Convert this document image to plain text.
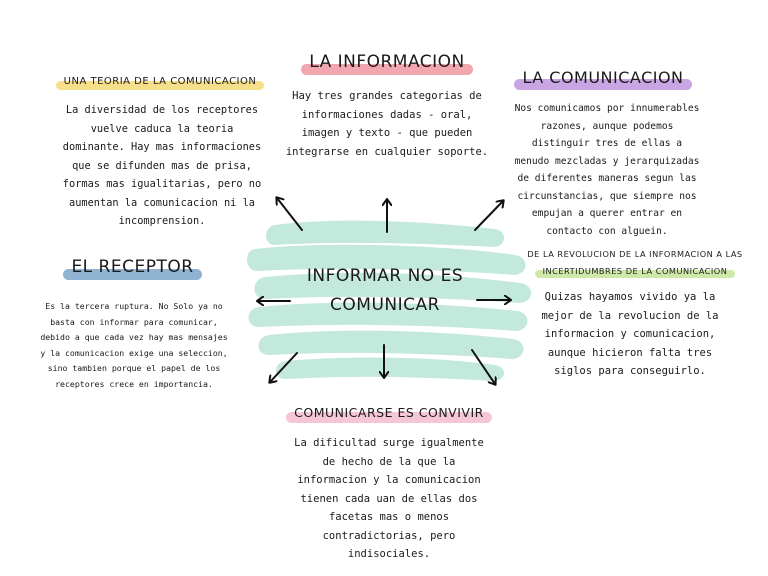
INFORMAR NO ES COMUNICAR
LA INFORMACION
Hay tres grandes categorias de informaciones dadas - oral, imagen y texto - que pueden integrarse en cualquier soporte.
UNA TEORIA DE LA COMUNICACION
La diversidad de los receptores vuelve caduca la teoria dominante. Hay mas informaciones que se difunden mas de prisa, formas mas igualitarias, pero no aumentan la comunicacion ni la incomprension.
LA COMUNICACION
Nos comunicamos por innumerables razones, aunque podemos distinguir tres de ellas a menudo mezcladas y jerarquizadas de diferentes maneras segun las circunstancias, que siempre nos empujan a querer entrar en contacto con alguein.
EL RECEPTOR
Es la tercera ruptura. No Solo ya no basta con informar para comunicar, debido a que cada vez hay mas mensajes y la comunicacion exige una seleccion, sino tambien porque el papel de los receptores crece en importancia.
DE LA REVOLUCION DE LA INFORMACION A LAS
INCERTIDUMBRES DE LA COMUNICACION
Quizas hayamos vivido ya la mejor de la revolucion de la informacion y comunicacion, aunque hicieron falta tres siglos para conseguirlo.
COMUNICARSE ES CONVIVIR
La dificultad surge igualmente de hecho de la que la informacion y la comunicacion tienen cada uan de ellas dos facetas mas o menos contradictorias, pero indisociales.
